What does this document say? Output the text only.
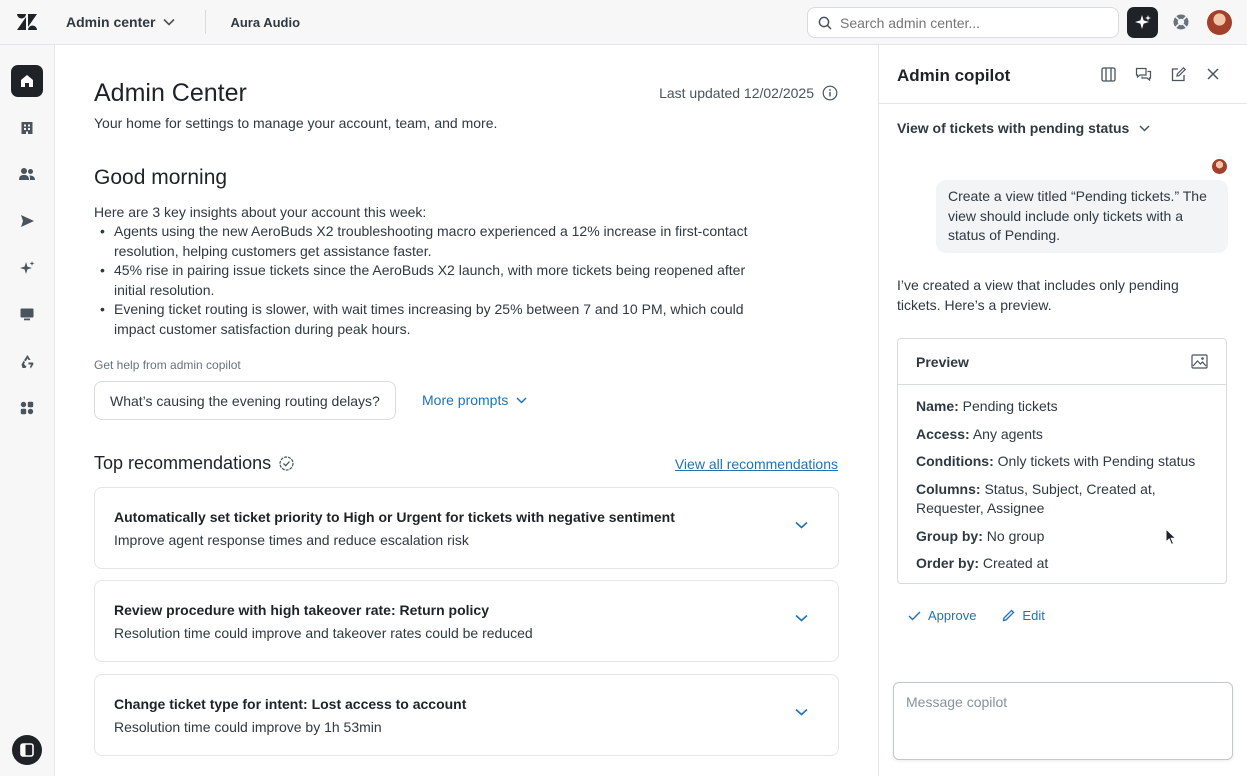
Admin center	Aura Audio
Search admin center...
Admin Center
Your home for settings to manage your account, team, and more.
Last updated 12/02/2025
Good morning
Here are 3 key insights about your account this week:
• Agents using the new AeroBuds X2 troubleshooting macro experienced a 12% increase in first-contact resolution, helping customers get assistance faster.
• 45% rise in pairing issue tickets since the AeroBuds X2 launch, with more tickets being reopened after initial resolution.
• Evening ticket routing is slower, with wait times increasing by 25% between 7 and 10 PM, which could impact customer satisfaction during peak hours.
Get help from admin copilot
What’s causing the evening routing delays?	More prompts
Top recommendations	View all recommendations
Automatically set ticket priority to High or Urgent for tickets with negative sentiment
Improve agent response times and reduce escalation risk
Review procedure with high takeover rate: Return policy
Resolution time could improve and takeover rates could be reduced
Change ticket type for intent: Lost access to account
Resolution time could improve by 1h 53min
Admin copilot
View of tickets with pending status
Create a view titled “Pending tickets.” The view should include only tickets with a status of Pending.
I’ve created a view that includes only pending tickets. Here’s a preview.
Preview
Name: Pending tickets
Access: Any agents
Conditions: Only tickets with Pending status
Columns: Status, Subject, Created at, Requester, Assignee
Group by: No group
Order by: Created at
Approve	Edit
Message copilot
